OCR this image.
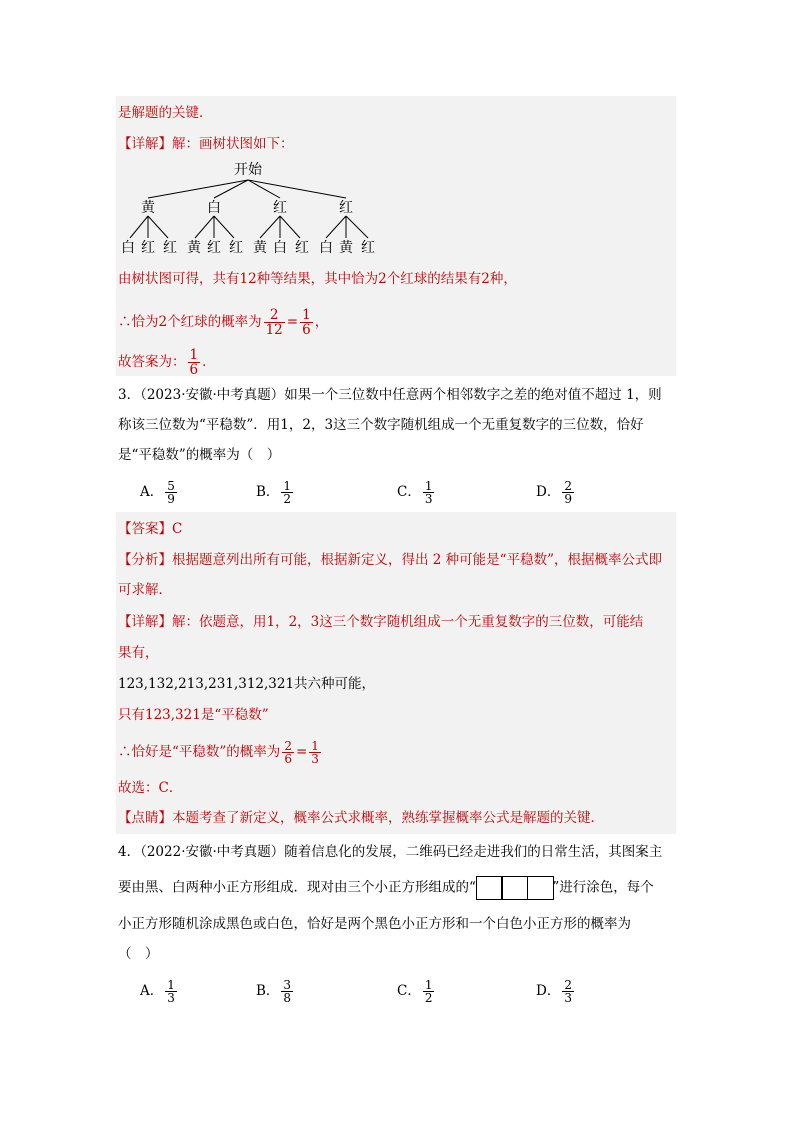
是解题的关键．
【详解】解：画树状图如下：
开始
黄	白	红	红
白 红 红 黄 红 红 黄 白 红 白 黄 红
由树状图可得，共有12种等结果，其中恰为2个红球的结果有2种，
∴恰为2个红球的概率为 $\frac{2}{12} = \frac{1}{6}$ ，
故答案为： $\frac{1}{6}$ ．
3．（2023·安徽·中考真题）如果一个三位数中任意两个相邻数字之差的绝对值不超过 1，则
称该三位数为“平稳数”．用1，2，3这三个数字随机组成一个无重复数字的三位数，恰好
是“平稳数”的概率为（　）
A． $\frac{5}{9}$	B． $\frac{1}{2}$	C． $\frac{1}{3}$	D． $\frac{2}{9}$
【答案】C
【分析】根据题意列出所有可能，根据新定义，得出 2 种可能是“平稳数”，根据概率公式即
可求解．
【详解】解：依题意，用1，2，3这三个数字随机组成一个无重复数字的三位数，可能结
果有，
123,132,213,231,312,321共六种可能，
只有123,321是“平稳数”
∴恰好是“平稳数”的概率为 $\frac{2}{6} = \frac{1}{3}$
故选：C．
【点睛】本题考查了新定义，概率公式求概率，熟练掌握概率公式是解题的关键．
4．（2022·安徽·中考真题）随着信息化的发展，二维码已经走进我们的日常生活，其图案主
要由黑、白两种小正方形组成．现对由三个小正方形组成的“	”进行涂色，每个
小正方形随机涂成黑色或白色，恰好是两个黑色小正方形和一个白色小正方形的概率为
（　）
A． $\frac{1}{3}$	B． $\frac{3}{8}$	C． $\frac{1}{2}$	D． $\frac{2}{3}$
